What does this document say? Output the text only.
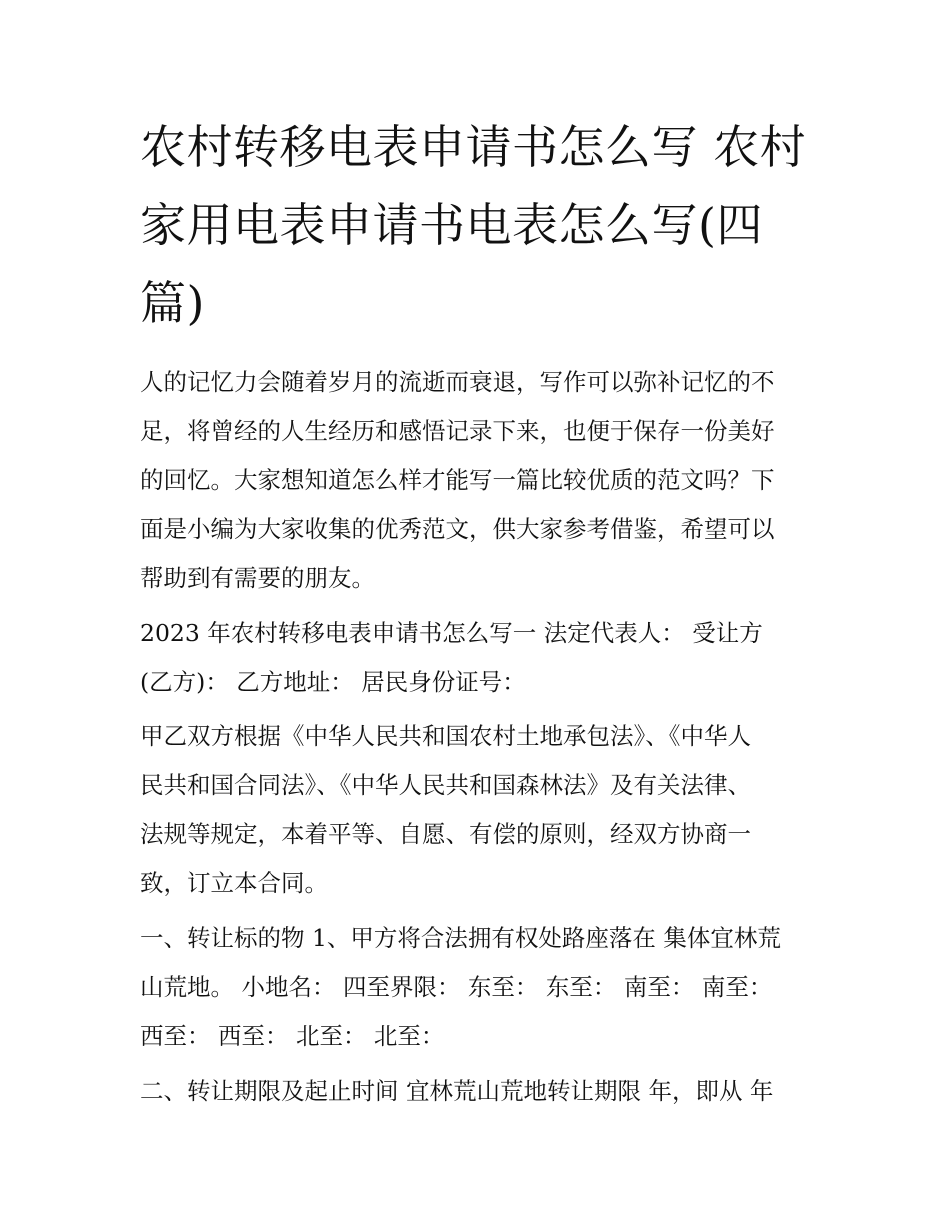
农村转移电表申请书怎么写 农村家用电表申请书电表怎么写(四篇)

人的记忆力会随着岁月的流逝而衰退，写作可以弥补记忆的不

足，将曾经的人生经历和感悟记录下来，也便于保存一份美好

的回忆。大家想知道怎么样才能写一篇比较优质的范文吗？下

面是小编为大家收集的优秀范文，供大家参考借鉴，希望可以

帮助到有需要的朋友。

2023 年农村转移电表申请书怎么写一 法定代表人： 受让方

(乙方)： 乙方地址： 居民身份证号：

甲乙双方根据《中华人民共和国农村土地承包法》、《中华人

民共和国合同法》、《中华人民共和国森林法》及有关法律、

法规等规定，本着平等、自愿、有偿的原则，经双方协商一

致，订立本合同。

一、转让标的物 1、甲方将合法拥有权处路座落在 集体宜林荒

山荒地。 小地名： 四至界限： 东至： 东至： 南至： 南至：

西至： 西至： 北至： 北至：

二、转让期限及起止时间 宜林荒山荒地转让期限 年，即从 年
